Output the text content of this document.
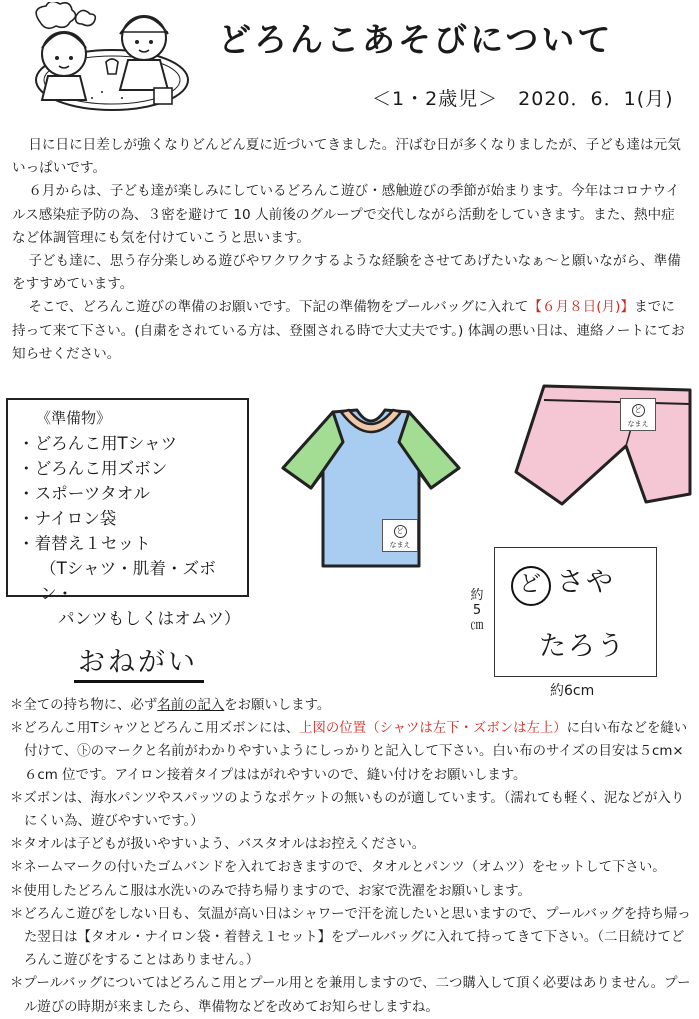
どろんこあそびについて
＜1・2歳児＞　2020．6．1(月)

日に日に日差しが強くなりどんどん夏に近づいてきました。汗ばむ日が多くなりましたが、子ども達は元気いっぱいです。

６月からは、子ども達が楽しみにしているどろんこ遊び・感触遊びの季節が始まります。今年はコロナウイルス感染症予防の為、３密を避けて 10 人前後のグループで交代しながら活動をしていきます。また、熱中症など体調管理にも気を付けていこうと思います。

子ども達に、思う存分楽しめる遊びやワクワクするような経験をさせてあげたいなぁ～と願いながら、準備をすすめています。

そこで、どろんこ遊びの準備のお願いです。下記の準備物をプールバッグに入れて【６月８日(月)】までに持って来て下さい。(自粛をされている方は、登園される時で大丈夫です。) 体調の悪い日は、連絡ノートにてお知らせください。

《準備物》
・どろんこ用Tシャツ
・どろんこ用ズボン
・スポーツタオル
・ナイロン袋
・着替え１セット
（Tシャツ・肌着・ズボン・
パンツもしくはオムツ）
ど
なまえ
ど
なまえ
約5㎝
ど さや
たろう
約6cm
おねがい
＊全ての持ち物に、必ず名前の記入をお願いします。
＊どろんこ用Tシャツとどろんこ用ズボンには、上図の位置（シャツは左下・ズボンは左上）に白い布などを縫い付けて、㋣のマークと名前がわかりやすいようにしっかりと記入して下さい。白い布のサイズの目安は５cm×６cm 位です。アイロン接着タイプははがれやすいので、縫い付けをお願いします。
＊ズボンは、海水パンツやスパッツのようなポケットの無いものが適しています。（濡れても軽く、泥などが入りにくい為、遊びやすいです。）
＊タオルは子どもが扱いやすいよう、バスタオルはお控えください。
＊ネームマークの付いたゴムバンドを入れておきますので、タオルとパンツ（オムツ）をセットして下さい。
＊使用したどろんこ服は水洗いのみで持ち帰りますので、お家で洗濯をお願いします。
＊どろんこ遊びをしない日も、気温が高い日はシャワーで汗を流したいと思いますので、プールバッグを持ち帰った翌日は【タオル・ナイロン袋・着替え１セット】をプールバッグに入れて持ってきて下さい。（二日続けてどろんこ遊びをすることはありません。）
＊プールバッグについてはどろんこ用とプール用とを兼用しますので、二つ購入して頂く必要はありません。プール遊びの時期が来ましたら、準備物などを改めてお知らせしますね。
